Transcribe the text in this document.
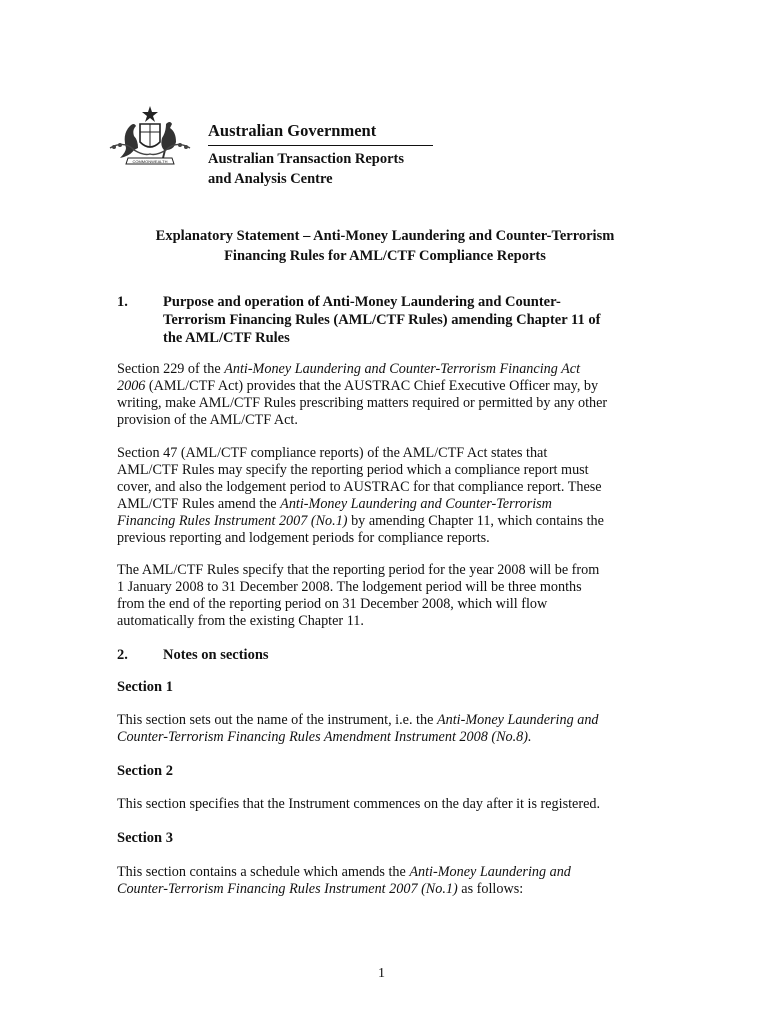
COMMONWEALTH
Australian Government
Australian Transaction Reports
and Analysis Centre
Explanatory Statement – Anti-Money Laundering and Counter-Terrorism
Financing Rules for AML/CTF Compliance Reports
1. Purpose and operation of Anti-Money Laundering and Counter-
Terrorism Financing Rules (AML/CTF Rules) amending Chapter 11 of
the AML/CTF Rules
Section 229 of the Anti-Money Laundering and Counter-Terrorism Financing Act
2006 (AML/CTF Act) provides that the AUSTRAC Chief Executive Officer may, by
writing, make AML/CTF Rules prescribing matters required or permitted by any other
provision of the AML/CTF Act.
Section 47 (AML/CTF compliance reports) of the AML/CTF Act states that
AML/CTF Rules may specify the reporting period which a compliance report must
cover, and also the lodgement period to AUSTRAC for that compliance report. These
AML/CTF Rules amend the Anti-Money Laundering and Counter-Terrorism
Financing Rules Instrument 2007 (No.1) by amending Chapter 11, which contains the
previous reporting and lodgement periods for compliance reports.
The AML/CTF Rules specify that the reporting period for the year 2008 will be from
1 January 2008 to 31 December 2008. The lodgement period will be three months
from the end of the reporting period on 31 December 2008, which will flow
automatically from the existing Chapter 11.
2. Notes on sections
Section 1
This section sets out the name of the instrument, i.e. the Anti-Money Laundering and
Counter-Terrorism Financing Rules Amendment Instrument 2008 (No.8).
Section 2
This section specifies that the Instrument commences on the day after it is registered.
Section 3
This section contains a schedule which amends the Anti-Money Laundering and
Counter-Terrorism Financing Rules Instrument 2007 (No.1) as follows:
1
